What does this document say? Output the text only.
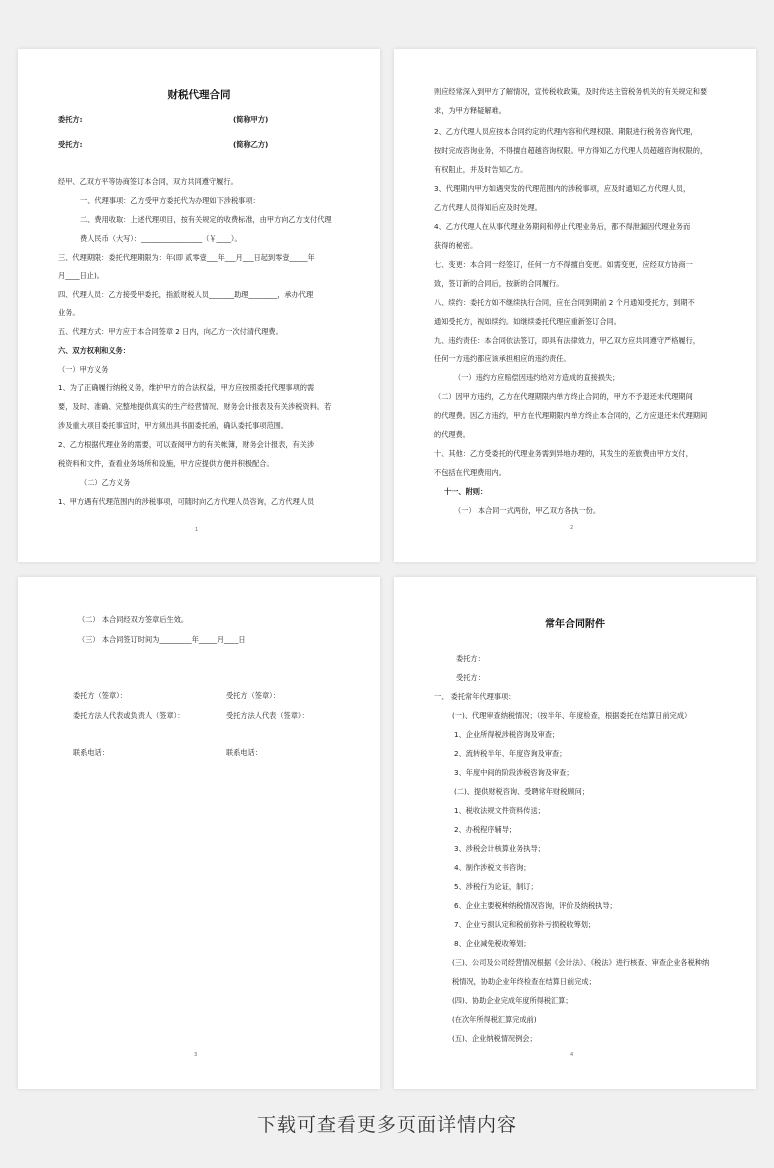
财税代理合同
委托方:	(简称甲方)
受托方:	(简称乙方)
经甲、乙双方平等协商签订本合同，双方共同遵守履行。
一、代理事项：乙方受甲方委托代为办理如下涉税事项：
二、费用收取：上述代理项目，按有关规定的收费标准，由甲方向乙方支付代理
费人民币（大写）：_________________（￥____）。
三、代理期限：委托代理期限为：年(即 贰零壹___年___月___日起到零壹_____年
月____日止)。
四、代理人员：乙方接受甲委托，指派财税人员_______助理________，承办代理
业务。
五、代理方式：甲方应于本合同签章 2 日内，向乙方一次付清代理费。
六、双方权利和义务：
（一）甲方义务
1、为了正确履行纳税义务，维护甲方的合法权益，甲方应按照委托代理事项的需
要，及时、准确、完整地提供真实的生产经营情况、财务会计报表及有关涉税资料。若
涉及重大项目委托事宜时，甲方须出具书面委托函，确认委托事项范围。
2、乙方根据代理业务的需要，可以查阅甲方的有关帐簿，财务会计报表，有关涉
税资料和文件，查看业务场所和设施，甲方应提供方便并积极配合。
（二）乙方义务
1、甲方遇有代理范围内的涉税事项，可随时向乙方代理人员咨询，乙方代理人员
1
则应经常深入到甲方了解情况，宣传税收政策，及时传达主管税务机关的有关规定和要
求，为甲方释疑解难。
2、乙方代理人员应按本合同约定的代理内容和代理权限、期限进行税务咨询代理，
按时完成咨询业务，不得擅自超越咨询权限。甲方得知乙方代理人员超越咨询权限的，
有权阻止，并及时告知乙方。
3、代理期内甲方如遇突发的代理范围内的涉税事项，应及时通知乙方代理人员，
乙方代理人员得知后应及时处理。
4、乙方代理人在从事代理业务期间和停止代理业务后，都不得泄漏因代理业务而
获得的秘密。
七、变更：本合同一经签订，任何一方不得擅自变更。如需变更，应经双方协商一
致，签订新的合同后，按新的合同履行。
八、续约：委托方如不继续执行合同，应在合同到期前 2 个月通知受托方，到期不
通知受托方，视如续约。如继续委托代理应重新签订合同。
九、违约责任：本合同依法签订，即具有法律效力，甲乙双方应共同遵守严格履行，
任何一方违约都应该承担相应的违约责任。
（一）违约方应赔偿因违约给对方造成的直接损失；
（二）因甲方违约，乙方在代理期限内单方终止合同的，甲方不予退还未代理期间
的代理费。因乙方违约，甲方在代理期限内单方终止本合同的，乙方应退还未代理期间
的代理费。
十、其他：乙方受委托的代理业务需到异地办理的，其发生的差旅费由甲方支付，
不包括在代理费用内。
十一、附则：
（一） 本合同一式两份，甲乙双方各执一份。
2
（二） 本合同经双方签章后生效。
（三） 本合同签订时间为_________年_____月____日
委托方（签章）：
委托方法人代表或负责人（签章）：
联系电话：
受托方（签章）：
受托方法人代表（签章）：
联系电话：
3
常年合同附件
委托方：
受托方：
一、 委托常年代理事项：
(一)、代理审查纳税情况；（按半年、年度检查，根据委托在结算日前完成）
1、企业所得税涉税咨询及审查；
2、流转税半年、年度咨询及审查；
3、年度中间的阶段涉税咨询及审查；
(二)、提供财税咨询、受聘常年财税顾问；
1、税收法规文件资料传送；
2、办税程序辅导；
3、涉税会计核算业务执导；
4、制作涉税文书咨询；
5、涉税行为论证，制订；
6、企业主要税种纳税情况咨询，评价及纳税执导；
7、企业亏损认定和税前弥补亏损税收筹划；
8、企业减免税收筹划；
(三)、公司及公司经营情况根据《会计法》、《税法》进行核查、审查企业各税种纳
税情况，协助企业年终检查在结算日前完成；
(四)、协助企业完成年度所得税汇算；
(在次年所得税汇算完成前)
(五)、企业纳税情况例会；
4
下载可查看更多页面详情内容
